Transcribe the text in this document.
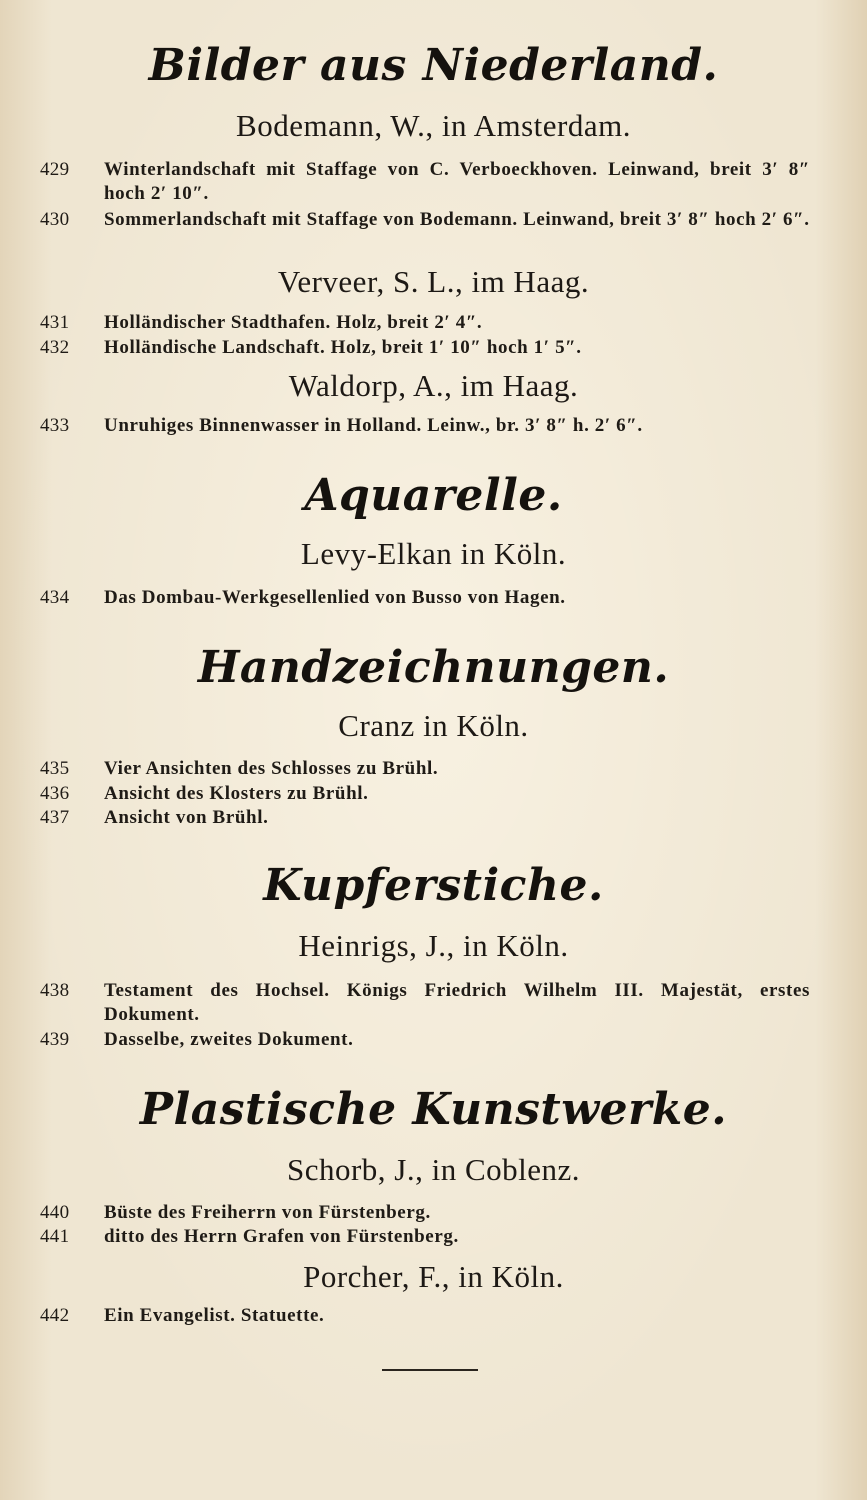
Bilder aus Niederland.
Bodemann, W., in Amsterdam.
429	Winterlandschaft mit Staffage von C. Verboeckhoven. Leinwand, breit 3′ 8″ hoch 2′ 10″.
430	Sommerlandschaft mit Staffage von Bodemann. Leinwand, breit 3′ 8″ hoch 2′ 6″.
Verveer, S. L., im Haag.
431	Holländischer Stadthafen. Holz, breit 2′ 4″.
432	Holländische Landschaft. Holz, breit 1′ 10″ hoch 1′ 5″.
Waldorp, A., im Haag.
433	Unruhiges Binnenwasser in Holland. Leinw., br. 3′ 8″ h. 2′ 6″.
Aquarelle.
Levy-Elkan in Köln.
434	Das Dombau-Werkgesellenlied von Busso von Hagen.
Handzeichnungen.
Cranz in Köln.
435	Vier Ansichten des Schlosses zu Brühl.
436	Ansicht des Klosters zu Brühl.
437	Ansicht von Brühl.
Kupferstiche.
Heinrigs, J., in Köln.
438	Testament des Hochsel. Königs Friedrich Wilhelm III. Majestät, erstes Dokument.
439	Dasselbe, zweites Dokument.
Plastische Kunstwerke.
Schorb, J., in Coblenz.
440	Büste des Freiherrn von Fürstenberg.
441	ditto des Herrn Grafen von Fürstenberg.
Porcher, F., in Köln.
442	Ein Evangelist. Statuette.
